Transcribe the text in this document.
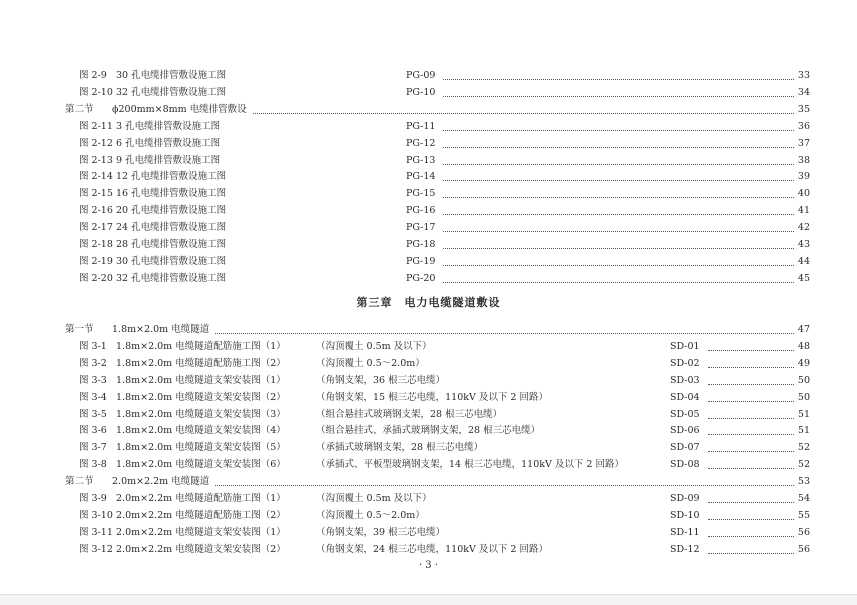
图 2-9 30 孔电缆排管敷设施工图	PG-09	33
图 2-10 32 孔电缆排管敷设施工图	PG-10	34
第二节 ϕ200mm×8mm 电缆排管敷设	35
图 2-11 3 孔电缆排管敷设施工图	PG-11	36
图 2-12 6 孔电缆排管敷设施工图	PG-12	37
图 2-13 9 孔电缆排管敷设施工图	PG-13	38
图 2-14 12 孔电缆排管敷设施工图	PG-14	39
图 2-15 16 孔电缆排管敷设施工图	PG-15	40
图 2-16 20 孔电缆排管敷设施工图	PG-16	41
图 2-17 24 孔电缆排管敷设施工图	PG-17	42
图 2-18 28 孔电缆排管敷设施工图	PG-18	43
图 2-19 30 孔电缆排管敷设施工图	PG-19	44
图 2-20 32 孔电缆排管敷设施工图	PG-20	45
第一节 1.8m×2.0m 电缆隧道	47
图 3-1 1.8m×2.0m 电缆隧道配筋施工图（1）	（沟顶覆土 0.5m 及以下）	SD-01	48
图 3-2 1.8m×2.0m 电缆隧道配筋施工图（2）	（沟顶覆土 0.5～2.0m）	SD-02	49
图 3-3 1.8m×2.0m 电缆隧道支架安装图（1）	（角钢支架，36 根三芯电缆）	SD-03	50
图 3-4 1.8m×2.0m 电缆隧道支架安装图（2）	（角钢支架，15 根三芯电缆，110kV 及以下 2 回路）	SD-04	50
图 3-5 1.8m×2.0m 电缆隧道支架安装图（3）	（组合悬挂式玻璃钢支架，28 根三芯电缆）	SD-05	51
图 3-6 1.8m×2.0m 电缆隧道支架安装图（4）	（组合悬挂式、承插式玻璃钢支架，28 根三芯电缆）	SD-06	51
图 3-7 1.8m×2.0m 电缆隧道支架安装图（5）	（承插式玻璃钢支架，28 根三芯电缆）	SD-07	52
图 3-8 1.8m×2.0m 电缆隧道支架安装图（6）	（承插式、平板型玻璃钢支架，14 根三芯电缆，110kV 及以下 2 回路）	SD-08	52
第二节 2.0m×2.2m 电缆隧道	53
图 3-9 2.0m×2.2m 电缆隧道配筋施工图（1）	（沟顶覆土 0.5m 及以下）	SD-09	54
图 3-10 2.0m×2.2m 电缆隧道配筋施工图（2）	（沟顶覆土 0.5～2.0m）	SD-10	55
图 3-11 2.0m×2.2m 电缆隧道支架安装图（1）	（角钢支架，39 根三芯电缆）	SD-11	56
图 3-12 2.0m×2.2m 电缆隧道支架安装图（2）	（角钢支架，24 根三芯电缆，110kV 及以下 2 回路）	SD-12	56
第三章　电力电缆隧道敷设
· 3 ·
